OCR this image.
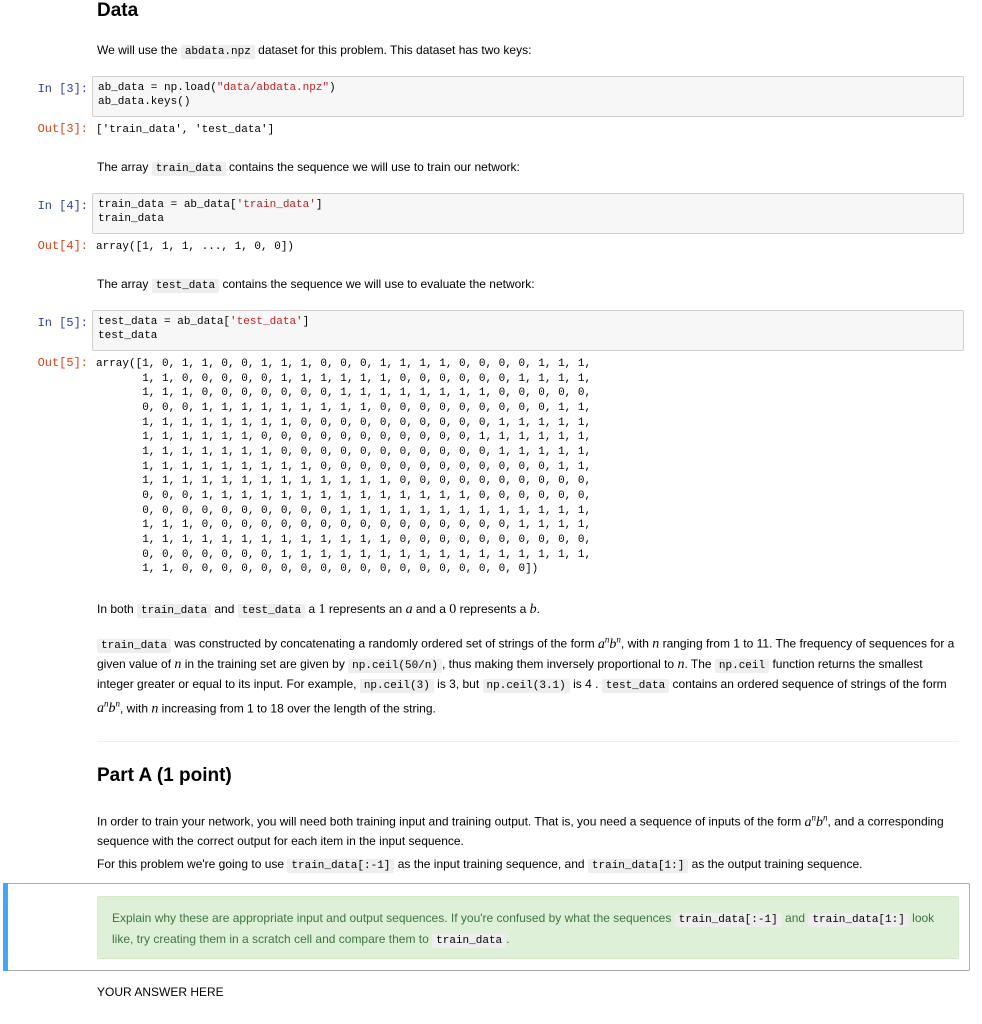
Data
We will use the abdata.npz dataset for this problem. This dataset has two keys:
In [3]: ab_data = np.load("data/abdata.npz")
ab_data.keys()
Out[3]: ['train_data', 'test_data']
The array train_data contains the sequence we will use to train our network:
In [4]: train_data = ab_data['train_data']
train_data
Out[4]: array([1, 1, 1, ..., 1, 0, 0])
The array test_data contains the sequence we will use to evaluate the network:
In [5]: test_data = ab_data['test_data']
test_data
Out[5]: array([1, 0, 1, 1, 0, 0, 1, 1, 1, 0, 0, 0, 1, 1, 1, 1, 0, 0, 0, 0, 1, 1, 1,
1, 1, 0, 0, 0, 0, 0, 1, 1, 1, 1, 1, 1, 0, 0, 0, 0, 0, 0, 1, 1, 1, 1,
1, 1, 1, 0, 0, 0, 0, 0, 0, 0, 1, 1, 1, 1, 1, 1, 1, 1, 0, 0, 0, 0, 0,
0, 0, 0, 1, 1, 1, 1, 1, 1, 1, 1, 1, 0, 0, 0, 0, 0, 0, 0, 0, 0, 1, 1,
1, 1, 1, 1, 1, 1, 1, 1, 0, 0, 0, 0, 0, 0, 0, 0, 0, 0, 1, 1, 1, 1, 1,
1, 1, 1, 1, 1, 1, 0, 0, 0, 0, 0, 0, 0, 0, 0, 0, 0, 1, 1, 1, 1, 1, 1,
1, 1, 1, 1, 1, 1, 1, 0, 0, 0, 0, 0, 0, 0, 0, 0, 0, 0, 1, 1, 1, 1, 1,
1, 1, 1, 1, 1, 1, 1, 1, 1, 0, 0, 0, 0, 0, 0, 0, 0, 0, 0, 0, 0, 1, 1,
1, 1, 1, 1, 1, 1, 1, 1, 1, 1, 1, 1, 1, 0, 0, 0, 0, 0, 0, 0, 0, 0, 0,
0, 0, 0, 1, 1, 1, 1, 1, 1, 1, 1, 1, 1, 1, 1, 1, 1, 0, 0, 0, 0, 0, 0,
0, 0, 0, 0, 0, 0, 0, 0, 0, 0, 1, 1, 1, 1, 1, 1, 1, 1, 1, 1, 1, 1, 1,
1, 1, 1, 0, 0, 0, 0, 0, 0, 0, 0, 0, 0, 0, 0, 0, 0, 0, 0, 1, 1, 1, 1,
1, 1, 1, 1, 1, 1, 1, 1, 1, 1, 1, 1, 1, 0, 0, 0, 0, 0, 0, 0, 0, 0, 0,
0, 0, 0, 0, 0, 0, 0, 1, 1, 1, 1, 1, 1, 1, 1, 1, 1, 1, 1, 1, 1, 1, 1,
1, 1, 0, 0, 0, 0, 0, 0, 0, 0, 0, 0, 0, 0, 0, 0, 0, 0, 0, 0])
In both train_data and test_data a 1 represents an a and a 0 represents a b.
train_data was constructed by concatenating a randomly ordered set of strings of the form $a^nb^n$, with n ranging from 1 to 11. The frequency of sequences for a given value of n in the training set are given by np.ceil(50/n) , thus making them inversely proportional to n. The np.ceil function returns the smallest integer greater or equal to its input. For example, np.ceil(3) is 3, but np.ceil(3.1) is 4 . test_data contains an ordered sequence of strings of the form $a^nb^n$, with n increasing from 1 to 18 over the length of the string.
Part A (1 point)
In order to train your network, you will need both training input and training output. That is, you need a sequence of inputs of the form $a^nb^n$, and a corresponding sequence with the correct output for each item in the input sequence.
For this problem we're going to use train_data[:-1] as the input training sequence, and train_data[1:] as the output training sequence.
Explain why these are appropriate input and output sequences. If you're confused by what the sequences train_data[:-1] and train_data[1:] look like, try creating them in a scratch cell and compare them to train_data .
YOUR ANSWER HERE
